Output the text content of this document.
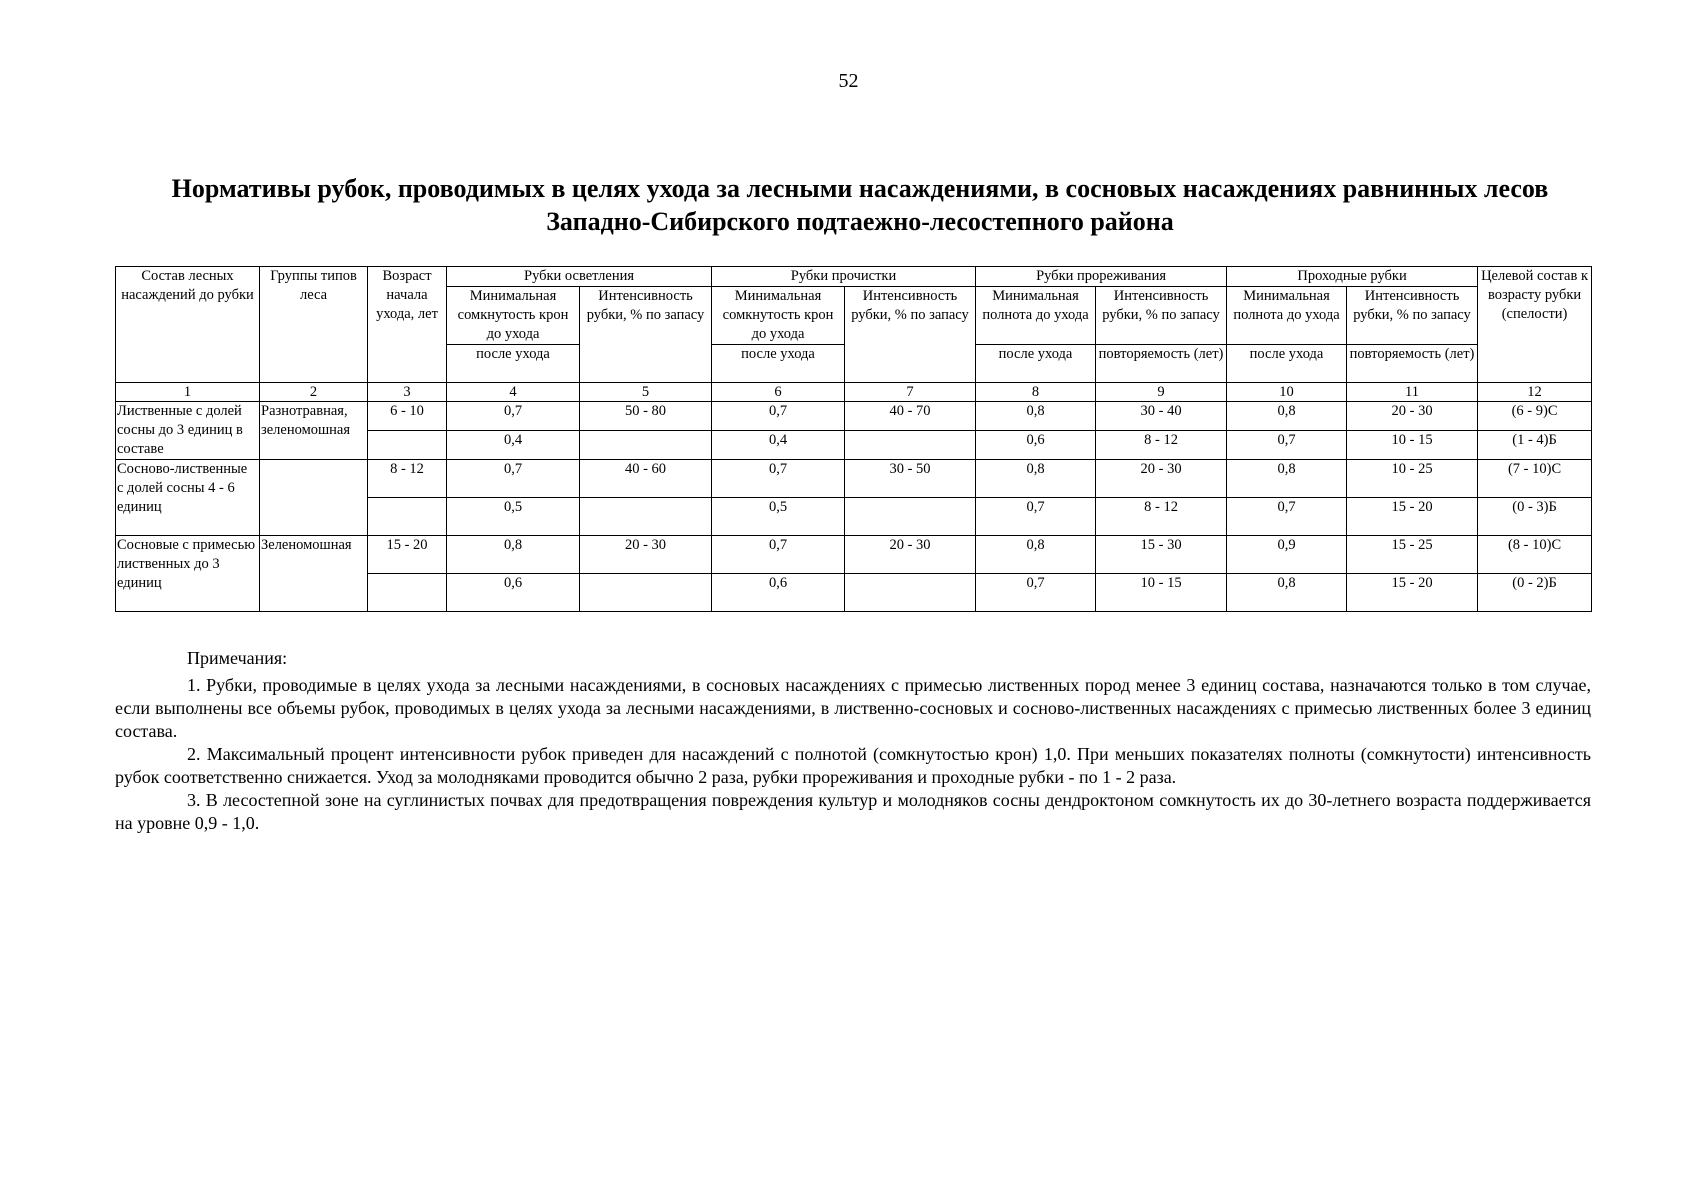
52
Нормативы рубок, проводимых в целях ухода за лесными насаждениями, в сосновых насаждениях равнинных лесов Западно-Сибирского подтаежно-лесостепного района
Состав лесных насаждений до рубки	Группы типов леса	Возраст начала ухода, лет	Рубки осветления		Рубки прочистки		Рубки прореживания		Проходные рубки		Целевой состав к возрасту рубки (спелости)
			Минимальная сомкнутость крон до ухода	Интенсивность рубки, % по запасу	Минимальная сомкнутость крон до ухода	Интенсивность рубки, % по запасу	Минимальная полнота до ухода	Интенсивность рубки, % по запасу	Минимальная полнота до ухода	Интенсивность рубки, % по запасу	
			после ухода		после ухода		после ухода	повторяемость (лет)	после ухода	повторяемость (лет)	
1	2	3	4	5	6	7	8	9	10	11	12
Лиственные с долей сосны до 3 единиц в составе	Разнотравная, зеленомошная	6 - 10	0,7	50 - 80	0,7	40 - 70	0,8	30 - 40	0,8	20 - 30	(6 - 9)С
			0,4		0,4		0,6	8 - 12	0,7	10 - 15	(1 - 4)Б
Сосново-лиственные с долей сосны 4 - 6 единиц		8 - 12	0,7	40 - 60	0,7	30 - 50	0,8	20 - 30	0,8	10 - 25	(7 - 10)С
			0,5		0,5		0,7	8 - 12	0,7	15 - 20	(0 - 3)Б
Сосновые с примесью лиственных до 3 единиц	Зеленомошная	15 - 20	0,8	20 - 30	0,7	20 - 30	0,8	15 - 30	0,9	15 - 25	(8 - 10)С
			0,6		0,6		0,7	10 - 15	0,8	15 - 20	(0 - 2)Б

Примечания:

1. Рубки, проводимые в целях ухода за лесными насаждениями, в сосновых насаждениях с примесью лиственных пород менее 3 единиц состава, назначаются только в том случае, если выполнены все объемы рубок, проводимых в целях ухода за лесными насаждениями, в лиственно-сосновых и сосново-лиственных насаждениях с примесью лиственных более 3 единиц состава.

2. Максимальный процент интенсивности рубок приведен для насаждений с полнотой (сомкнутостью крон) 1,0. При меньших показателях полноты (сомкнутости) интенсивность рубок соответственно снижается. Уход за молодняками проводится обычно 2 раза, рубки прореживания и проходные рубки - по 1 - 2 раза.

3. В лесостепной зоне на суглинистых почвах для предотвращения повреждения культур и молодняков сосны дендроктоном сомкнутость их до 30-летнего возраста поддерживается на уровне 0,9 - 1,0.
